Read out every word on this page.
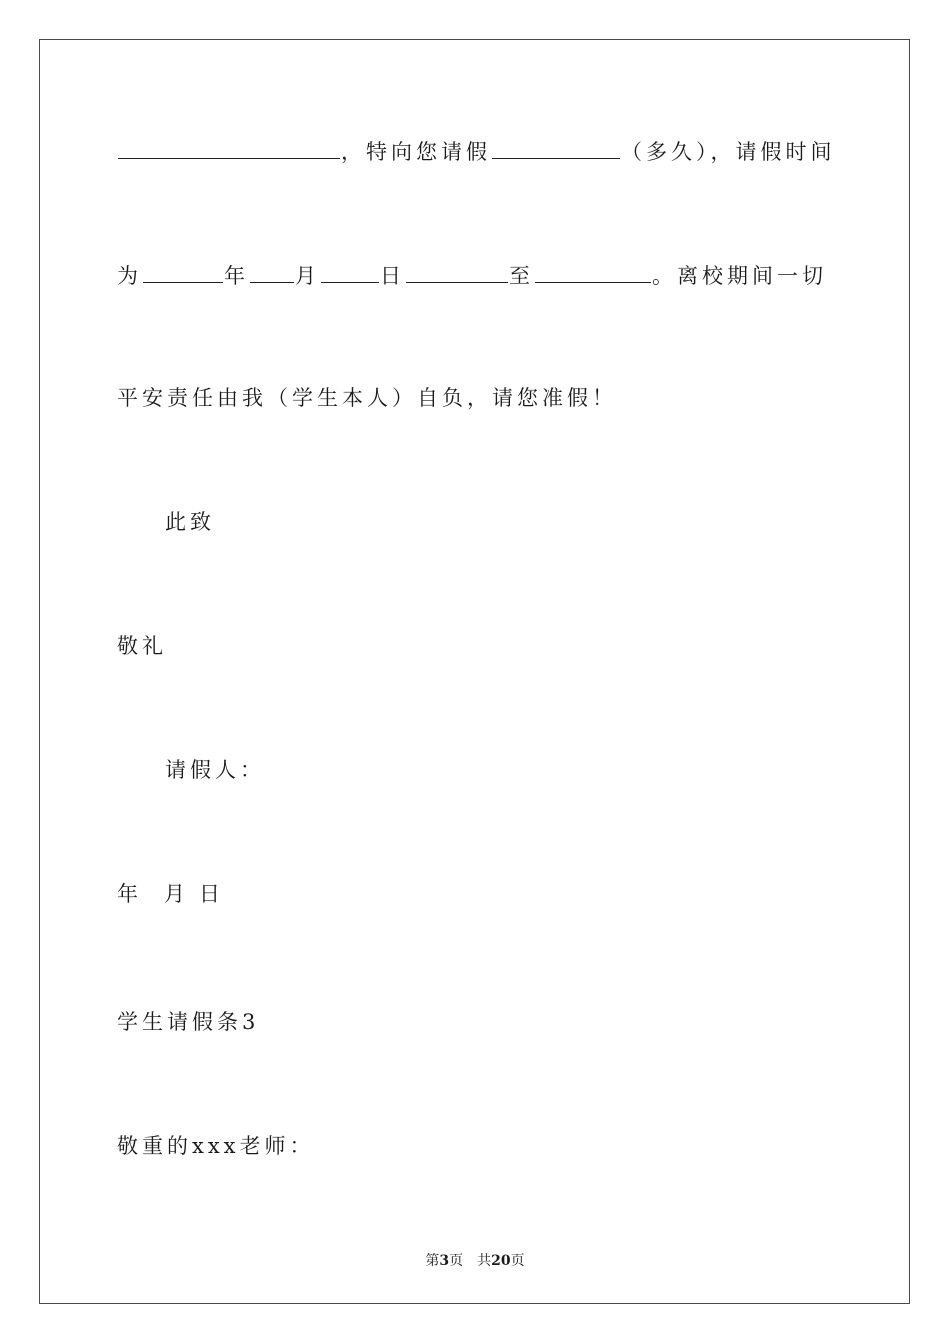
，特向您请假	（多久），请假时间
为	年 月	日	至	。离校期间一切
平安责任由我（学生本人）自负，请您准假！
此致
敬礼
请假人：
年 月 日
学生请假条3
敬重的xxx老师：
第3页 共20页
